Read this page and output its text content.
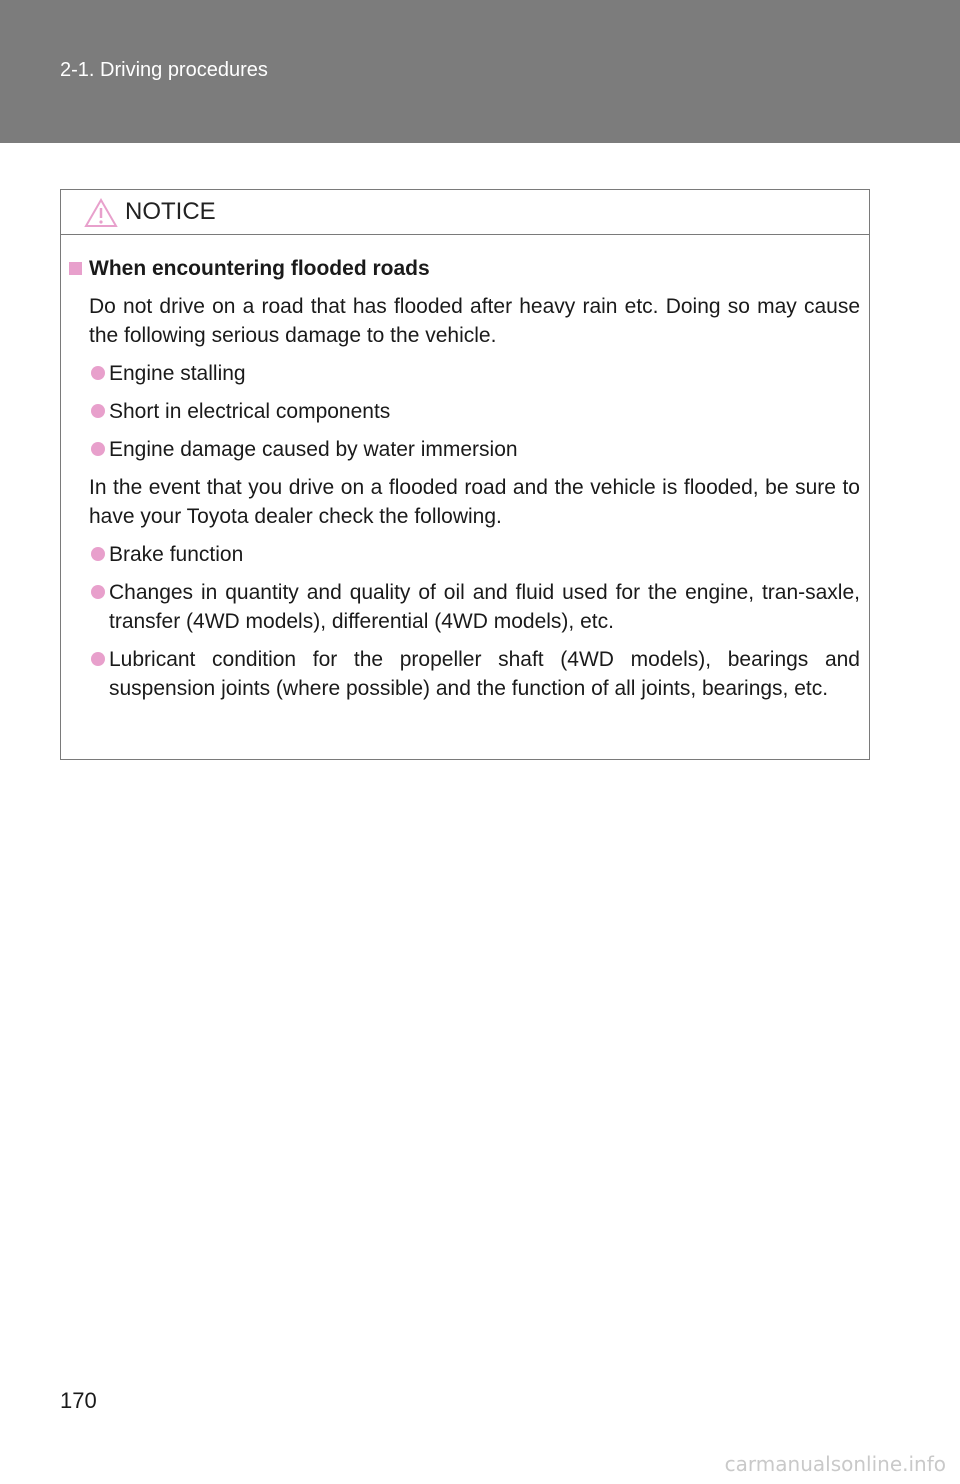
2-1. Driving procedures
NOTICE
When encountering flooded roads
Do not drive on a road that has flooded after heavy rain etc. Doing so may cause the following serious damage to the vehicle.
Engine stalling
Short in electrical components
Engine damage caused by water immersion
In the event that you drive on a flooded road and the vehicle is flooded, be sure to have your Toyota dealer check the following.
Brake function
Changes in quantity and quality of oil and fluid used for the engine, tran-saxle, transfer (4WD models), differential (4WD models), etc.
Lubricant condition for the propeller shaft (4WD models), bearings and suspension joints (where possible) and the function of all joints, bearings, etc.
170
carmanualsonline.info
